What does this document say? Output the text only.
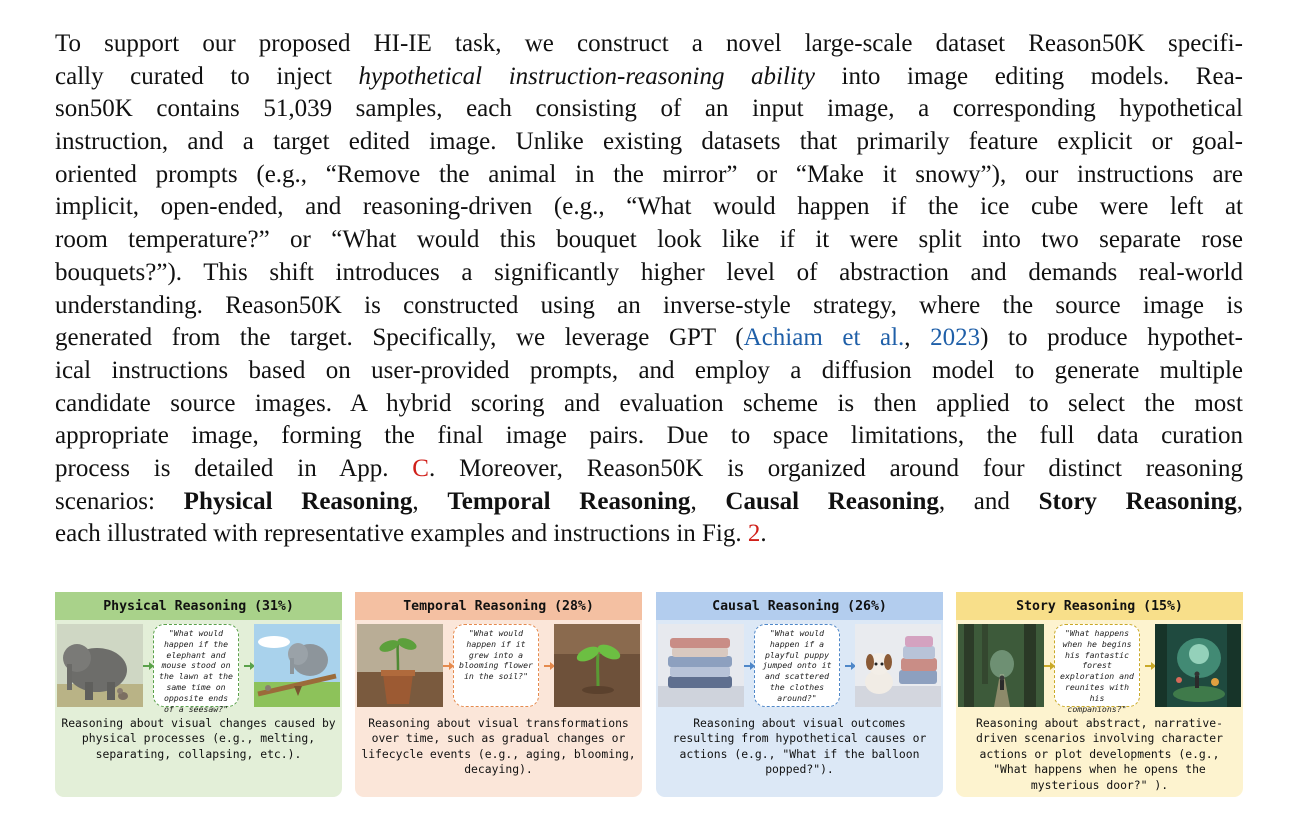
To support our proposed HI-IE task, we construct a novel large-scale dataset Reason50K specifi-
cally curated to inject hypothetical instruction-reasoning ability into image editing models. Rea-
son50K contains 51,039 samples, each consisting of an input image, a corresponding hypothetical
instruction, and a target edited image. Unlike existing datasets that primarily feature explicit or goal-
oriented prompts (e.g., “Remove the animal in the mirror” or “Make it snowy”), our instructions are
implicit, open-ended, and reasoning-driven (e.g., “What would happen if the ice cube were left at
room temperature?” or “What would this bouquet look like if it were split into two separate rose
bouquets?”). This shift introduces a significantly higher level of abstraction and demands real-world
understanding. Reason50K is constructed using an inverse-style strategy, where the source image is
generated from the target. Specifically, we leverage GPT (Achiam et al., 2023) to produce hypothet-
ical instructions based on user-provided prompts, and employ a diffusion model to generate multiple
candidate source images. A hybrid scoring and evaluation scheme is then applied to select the most
appropriate image, forming the final image pairs. Due to space limitations, the full data curation
process is detailed in App. C. Moreover, Reason50K is organized around four distinct reasoning
scenarios: Physical Reasoning, Temporal Reasoning, Causal Reasoning, and Story Reasoning,
each illustrated with representative examples and instructions in Fig. 2.
Physical Reasoning (31%)
"What would happen if the elephant and mouse stood on the lawn at the same time on opposite ends of a seesaw?"
Reasoning about visual changes caused by physical processes (e.g., melting, separating, collapsing, etc.).
Temporal Reasoning (28%)
"What would happen if it grew into a blooming flower in the soil?"
Reasoning about visual transformations over time, such as gradual changes or lifecycle events (e.g., aging, blooming, decaying).
Causal Reasoning (26%)
"What would happen if a playful puppy jumped onto it and scattered the clothes around?"
Reasoning about visual outcomes resulting from hypothetical causes or actions (e.g., "What if the balloon popped?").
Story Reasoning (15%)
"What happens when he begins his fantastic forest exploration and reunites with his companions?"
Reasoning about abstract, narrative-driven scenarios involving character actions or plot developments (e.g., "What happens when he opens the mysterious door?" ).
